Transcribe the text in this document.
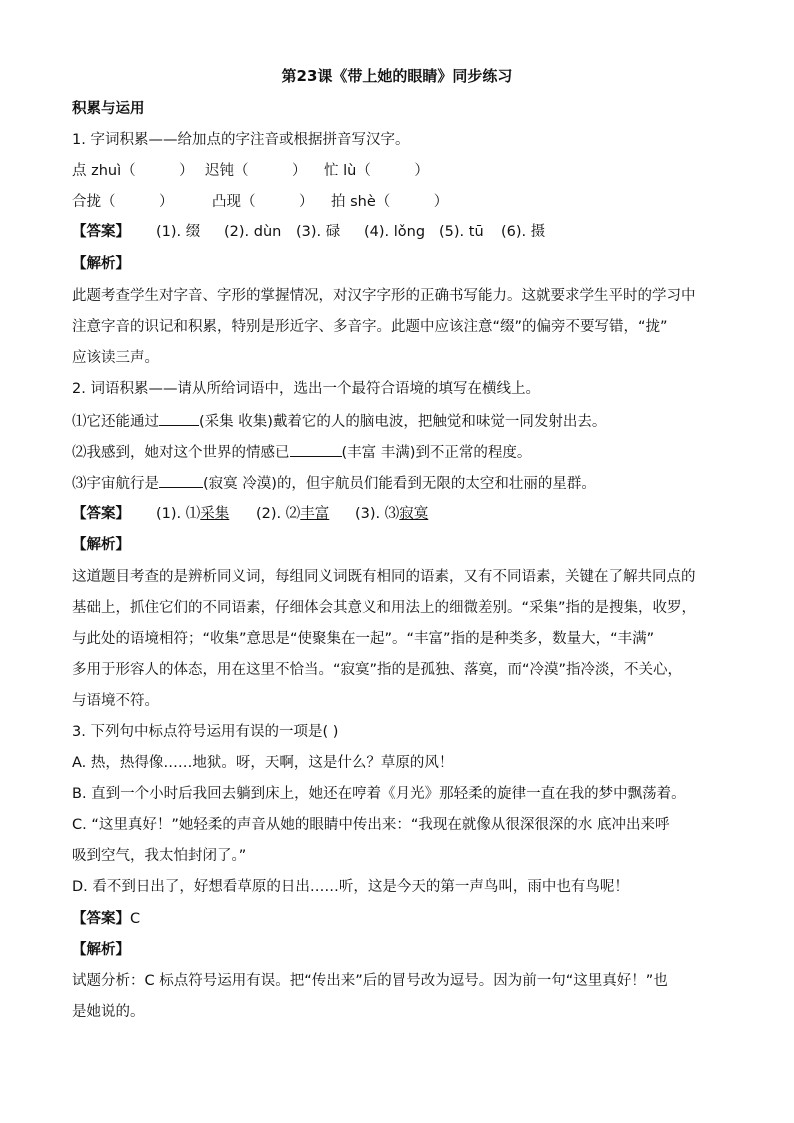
第23课《带上她的眼睛》同步练习
积累与运用
1. 字词积累——给加点的字注音或根据拼音写汉字。
点 zhuì（　　　） 迟钝（　　　） 忙 lù（　　　）
合拢（　　　）	凸现（　　　） 拍 shè（　　　）
【答案】 (1). 缀 (2). dùn (3). 碌 (4). lǒng (5). tū (6). 摄
【解析】
此题考查学生对字音、字形的掌握情况，对汉字字形的正确书写能力。这就要求学生平时的学习中
注意字音的识记和积累，特别是形近字、多音字。此题中应该注意“缀”的偏旁不要写错，“拢”
应该读三声。
2. 词语积累——请从所给词语中，选出一个最符合语境的填写在横线上。
⑴它还能通过	(采集 收集)戴着它的人的脑电波，把触觉和味觉一同发射出去。
⑵我感到，她对这个世界的情感已	(丰富 丰满)到不正常的程度。
⑶宇宙航行是	(寂寞 冷漠)的，但宇航员们能看到无限的太空和壮丽的星群。
【答案】 (1). ⑴采集 (2). ⑵丰富 (3). ⑶寂寞
【解析】
这道题目考查的是辨析同义词，每组同义词既有相同的语素，又有不同语素，关键在了解共同点的
基础上，抓住它们的不同语素，仔细体会其意义和用法上的细微差别。“采集”指的是搜集，收罗，
与此处的语境相符；“收集”意思是“使聚集在一起”。“丰富”指的是种类多，数量大，“丰满”
多用于形容人的体态，用在这里不恰当。“寂寞”指的是孤独、落寞，而“冷漠”指冷淡，不关心，
与语境不符。
3. 下列句中标点符号运用有误的一项是( )
A. 热，热得像……地狱。呀，天啊，这是什么？草原的风！
B. 直到一个小时后我回去躺到床上，她还在哼着《月光》那轻柔的旋律一直在我的梦中飘荡着。
C. “这里真好！”她轻柔的声音从她的眼睛中传出来：“我现在就像从很深很深的水 底冲出来呼
吸到空气，我太怕封闭了。”
D. 看不到日出了，好想看草原的日出……听，这是今天的第一声鸟叫，雨中也有鸟呢！
【答案】C
【解析】
试题分析：C 标点符号运用有误。把“传出来”后的冒号改为逗号。因为前一句“这里真好！”也
是她说的。
